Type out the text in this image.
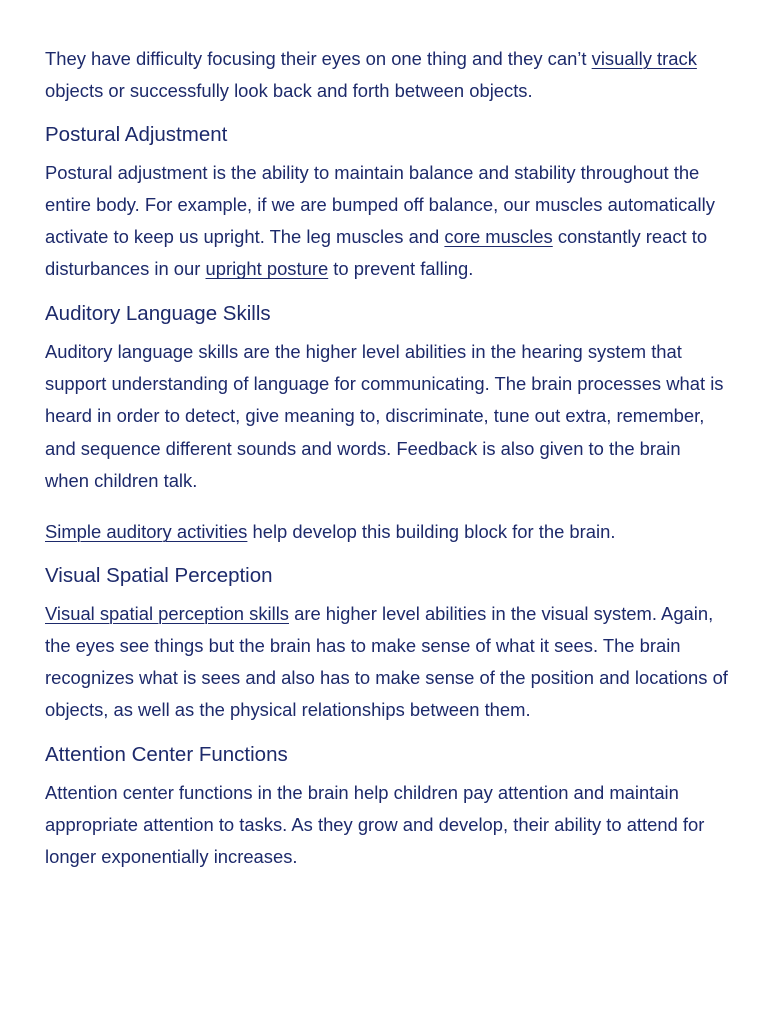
They have difficulty focusing their eyes on one thing and they can’t visually track objects or successfully look back and forth between objects.

Postural Adjustment

Postural adjustment is the ability to maintain balance and stability throughout the entire body. For example, if we are bumped off balance, our muscles automatically activate to keep us upright. The leg muscles and core muscles constantly react to disturbances in our upright posture to prevent falling.

Auditory Language Skills

Auditory language skills are the higher level abilities in the hearing system that support understanding of language for communicating. The brain processes what is heard in order to detect, give meaning to, discriminate, tune out extra, remember, and sequence different sounds and words. Feedback is also given to the brain when children talk.

Simple auditory activities help develop this building block for the brain.

Visual Spatial Perception

Visual spatial perception skills are higher level abilities in the visual system. Again, the eyes see things but the brain has to make sense of what it sees. The brain recognizes what is sees and also has to make sense of the position and locations of objects, as well as the physical relationships between them.

Attention Center Functions

Attention center functions in the brain help children pay attention and maintain appropriate attention to tasks. As they grow and develop, their ability to attend for longer exponentially increases.
